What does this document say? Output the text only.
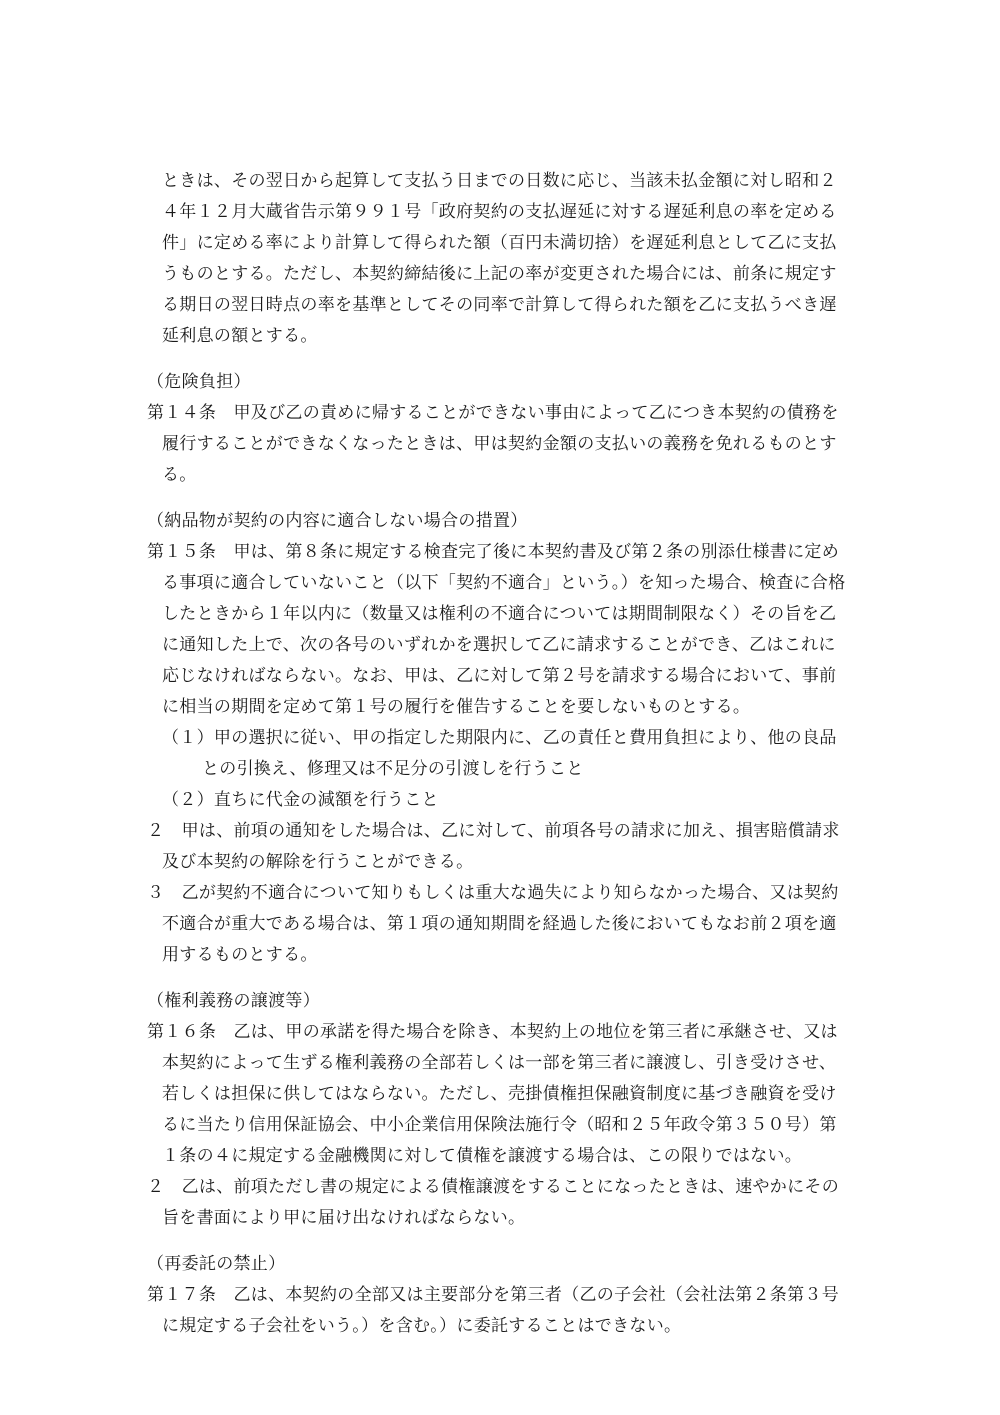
ときは、その翌日から起算して支払う日までの日数に応じ、当該未払金額に対し昭和２
４年１２月大蔵省告示第９９１号「政府契約の支払遅延に対する遅延利息の率を定める
件」に定める率により計算して得られた額（百円未満切捨）を遅延利息として乙に支払
うものとする。ただし、本契約締結後に上記の率が変更された場合には、前条に規定す
る期日の翌日時点の率を基準としてその同率で計算して得られた額を乙に支払うべき遅
延利息の額とする。
（危険負担）
第１４条　甲及び乙の責めに帰することができない事由によって乙につき本契約の債務を
履行することができなくなったときは、甲は契約金額の支払いの義務を免れるものとす
る。
（納品物が契約の内容に適合しない場合の措置）
第１５条　甲は、第８条に規定する検査完了後に本契約書及び第２条の別添仕様書に定め
る事項に適合していないこと（以下「契約不適合」という。）を知った場合、検査に合格
したときから１年以内に（数量又は権利の不適合については期間制限なく）その旨を乙
に通知した上で、次の各号のいずれかを選択して乙に請求することができ、乙はこれに
応じなければならない。なお、甲は、乙に対して第２号を請求する場合において、事前
に相当の期間を定めて第１号の履行を催告することを要しないものとする。
（１）甲の選択に従い、甲の指定した期限内に、乙の責任と費用負担により、他の良品
との引換え、修理又は不足分の引渡しを行うこと
（２）直ちに代金の減額を行うこと
２　甲は、前項の通知をした場合は、乙に対して、前項各号の請求に加え、損害賠償請求
及び本契約の解除を行うことができる。
３　乙が契約不適合について知りもしくは重大な過失により知らなかった場合、又は契約
不適合が重大である場合は、第１項の通知期間を経過した後においてもなお前２項を適
用するものとする。
（権利義務の譲渡等）
第１６条　乙は、甲の承諾を得た場合を除き、本契約上の地位を第三者に承継させ、又は
本契約によって生ずる権利義務の全部若しくは一部を第三者に譲渡し、引き受けさせ、
若しくは担保に供してはならない。ただし、売掛債権担保融資制度に基づき融資を受け
るに当たり信用保証協会、中小企業信用保険法施行令（昭和２５年政令第３５０号）第
１条の４に規定する金融機関に対して債権を譲渡する場合は、この限りではない。
２　乙は、前項ただし書の規定による債権譲渡をすることになったときは、速やかにその
旨を書面により甲に届け出なければならない。
（再委託の禁止）
第１７条　乙は、本契約の全部又は主要部分を第三者（乙の子会社（会社法第２条第３号
に規定する子会社をいう。）を含む。）に委託することはできない。
